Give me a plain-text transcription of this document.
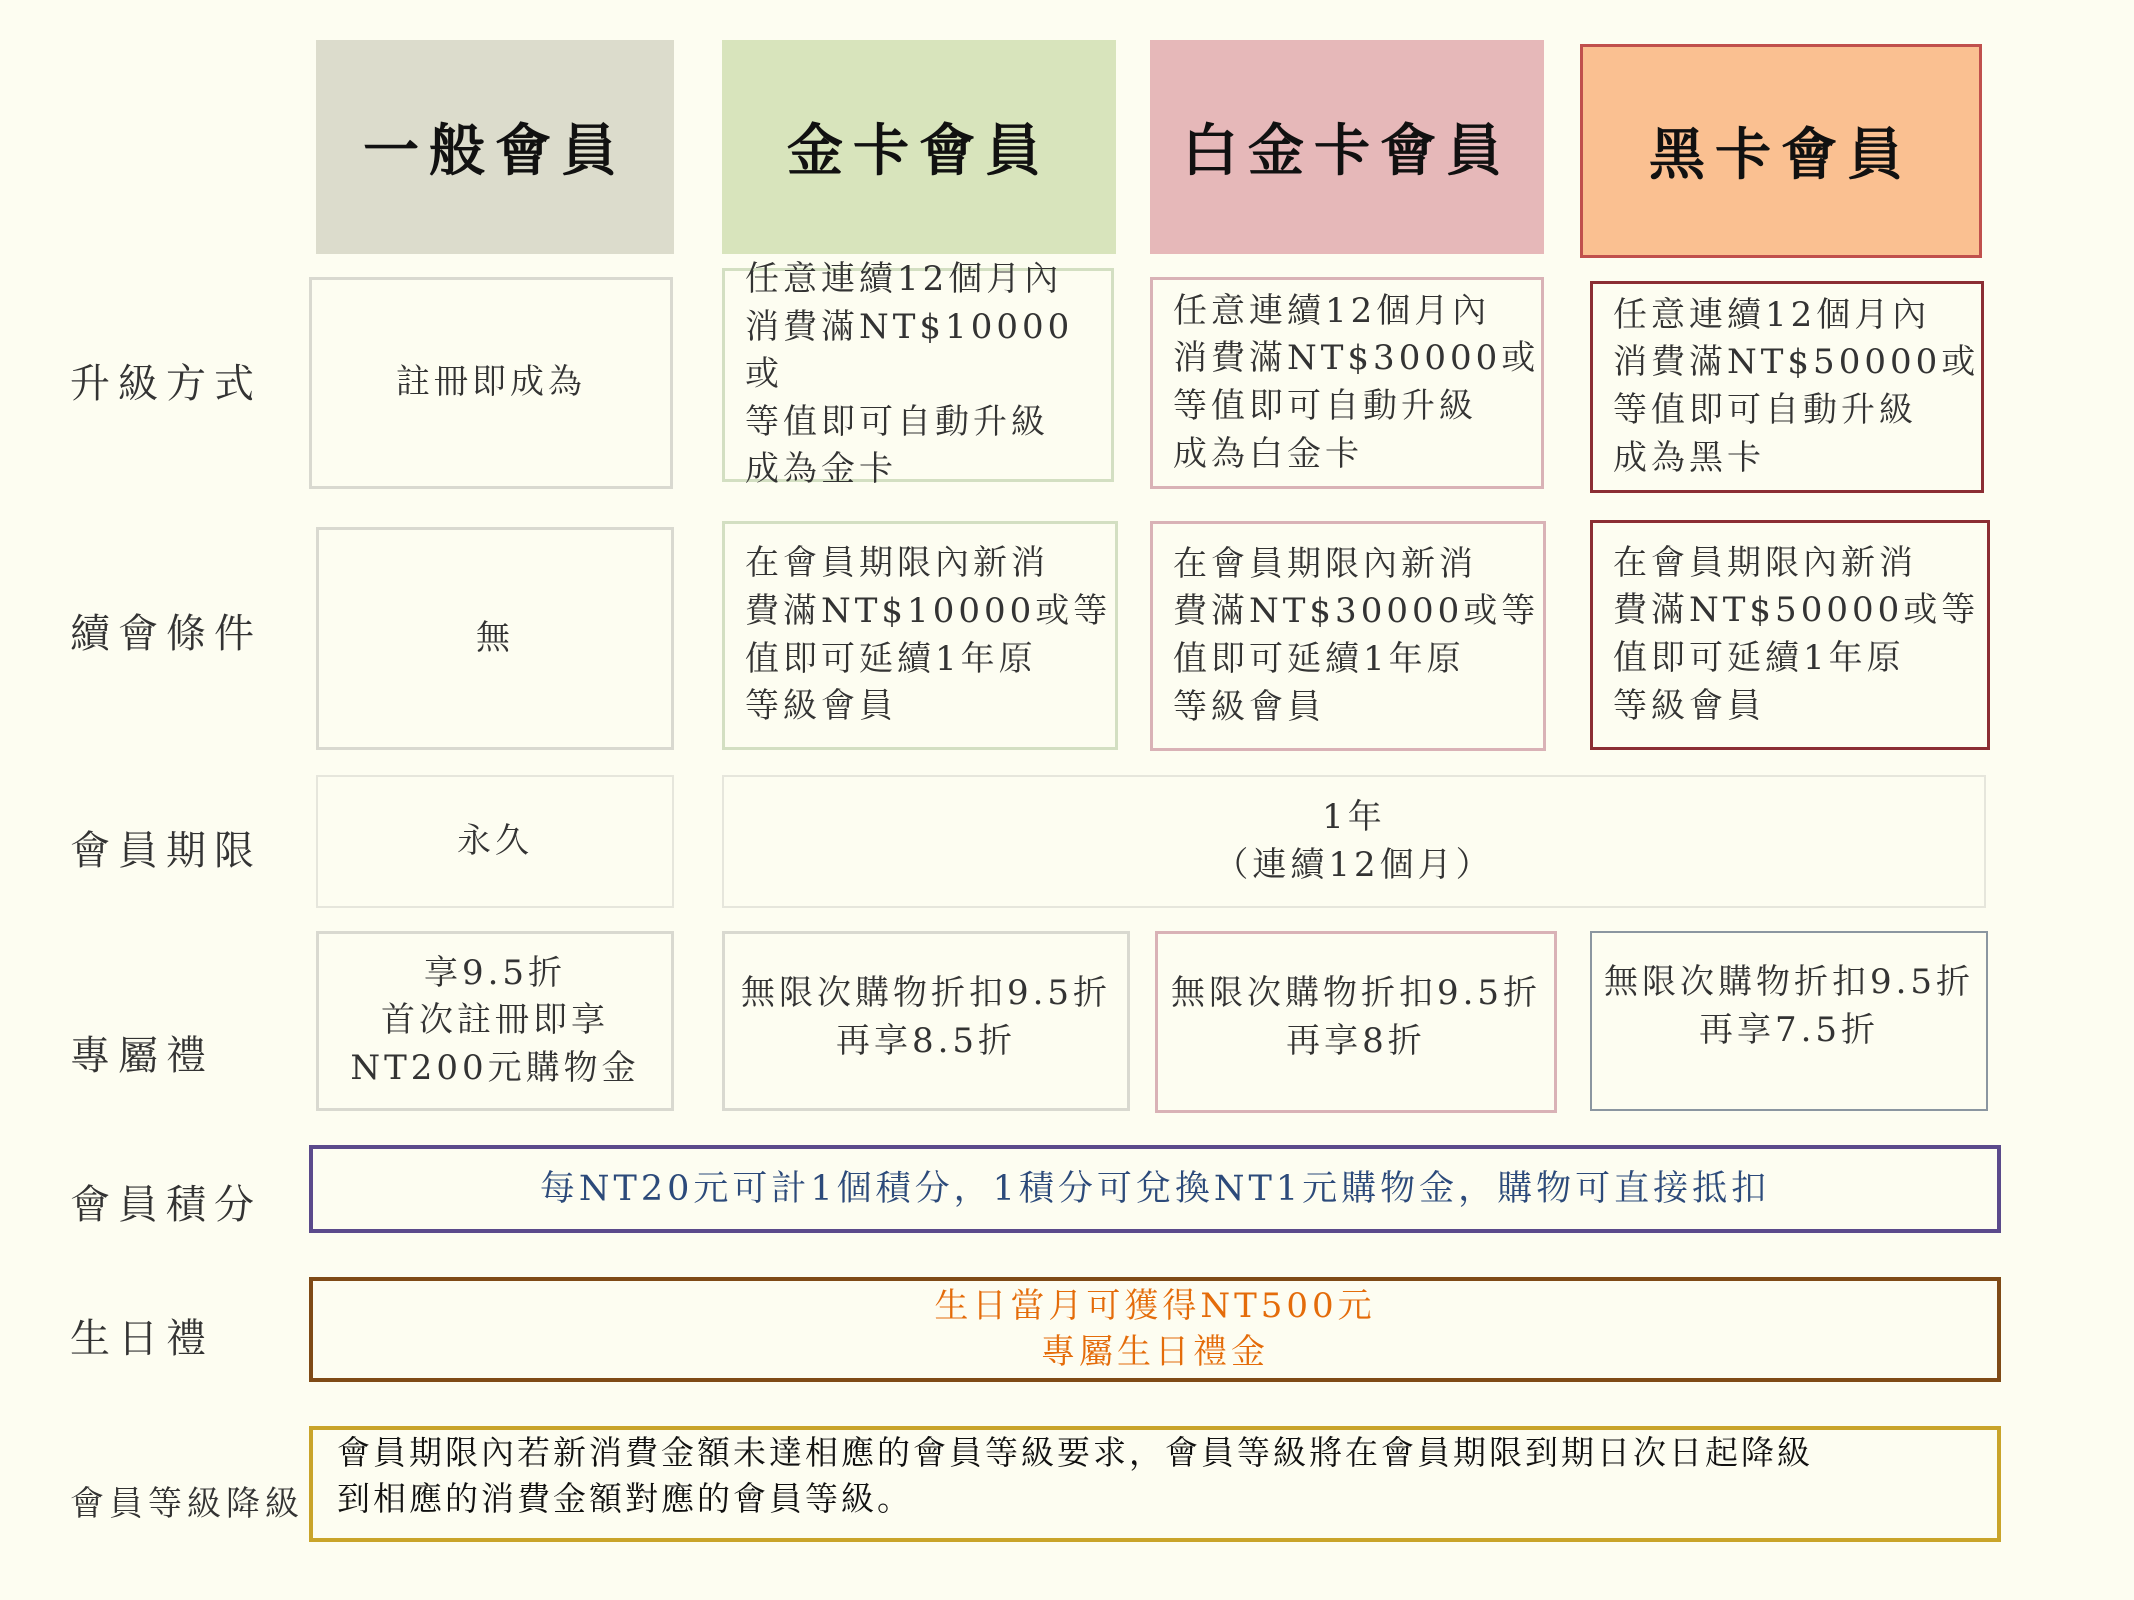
一般會員	金卡會員 白金卡會員 黑卡會員
升級方式
續會條件
會員期限
專屬禮
會員積分
生日禮
會員等級降級
註冊即成為
任意連續12個月內
消費滿NT$10000或
等值即可自動升級
成為金卡
任意連續12個月內
消費滿NT$30000或
等值即可自動升級
成為白金卡
任意連續12個月內
消費滿NT$50000或
等值即可自動升級
成為黑卡
無
在會員期限內新消
費滿NT$10000或等
值即可延續1年原
等級會員
在會員期限內新消
費滿NT$30000或等
值即可延續1年原
等級會員
在會員期限內新消
費滿NT$50000或等
值即可延續1年原
等級會員
永久
1年
（連續12個月）
享9.5折
首次註冊即享
NT200元購物金
無限次購物折扣9.5折
再享8.5折
無限次購物折扣9.5折
再享8折
無限次購物折扣9.5折
再享7.5折
每NT20元可計1個積分，1積分可兌換NT1元購物金，購物可直接抵扣
生日當月可獲得NT500元
專屬生日禮金
會員期限內若新消費金額未達相應的會員等級要求，會員等級將在會員期限到期日次日起降級
到相應的消費金額對應的會員等級。
